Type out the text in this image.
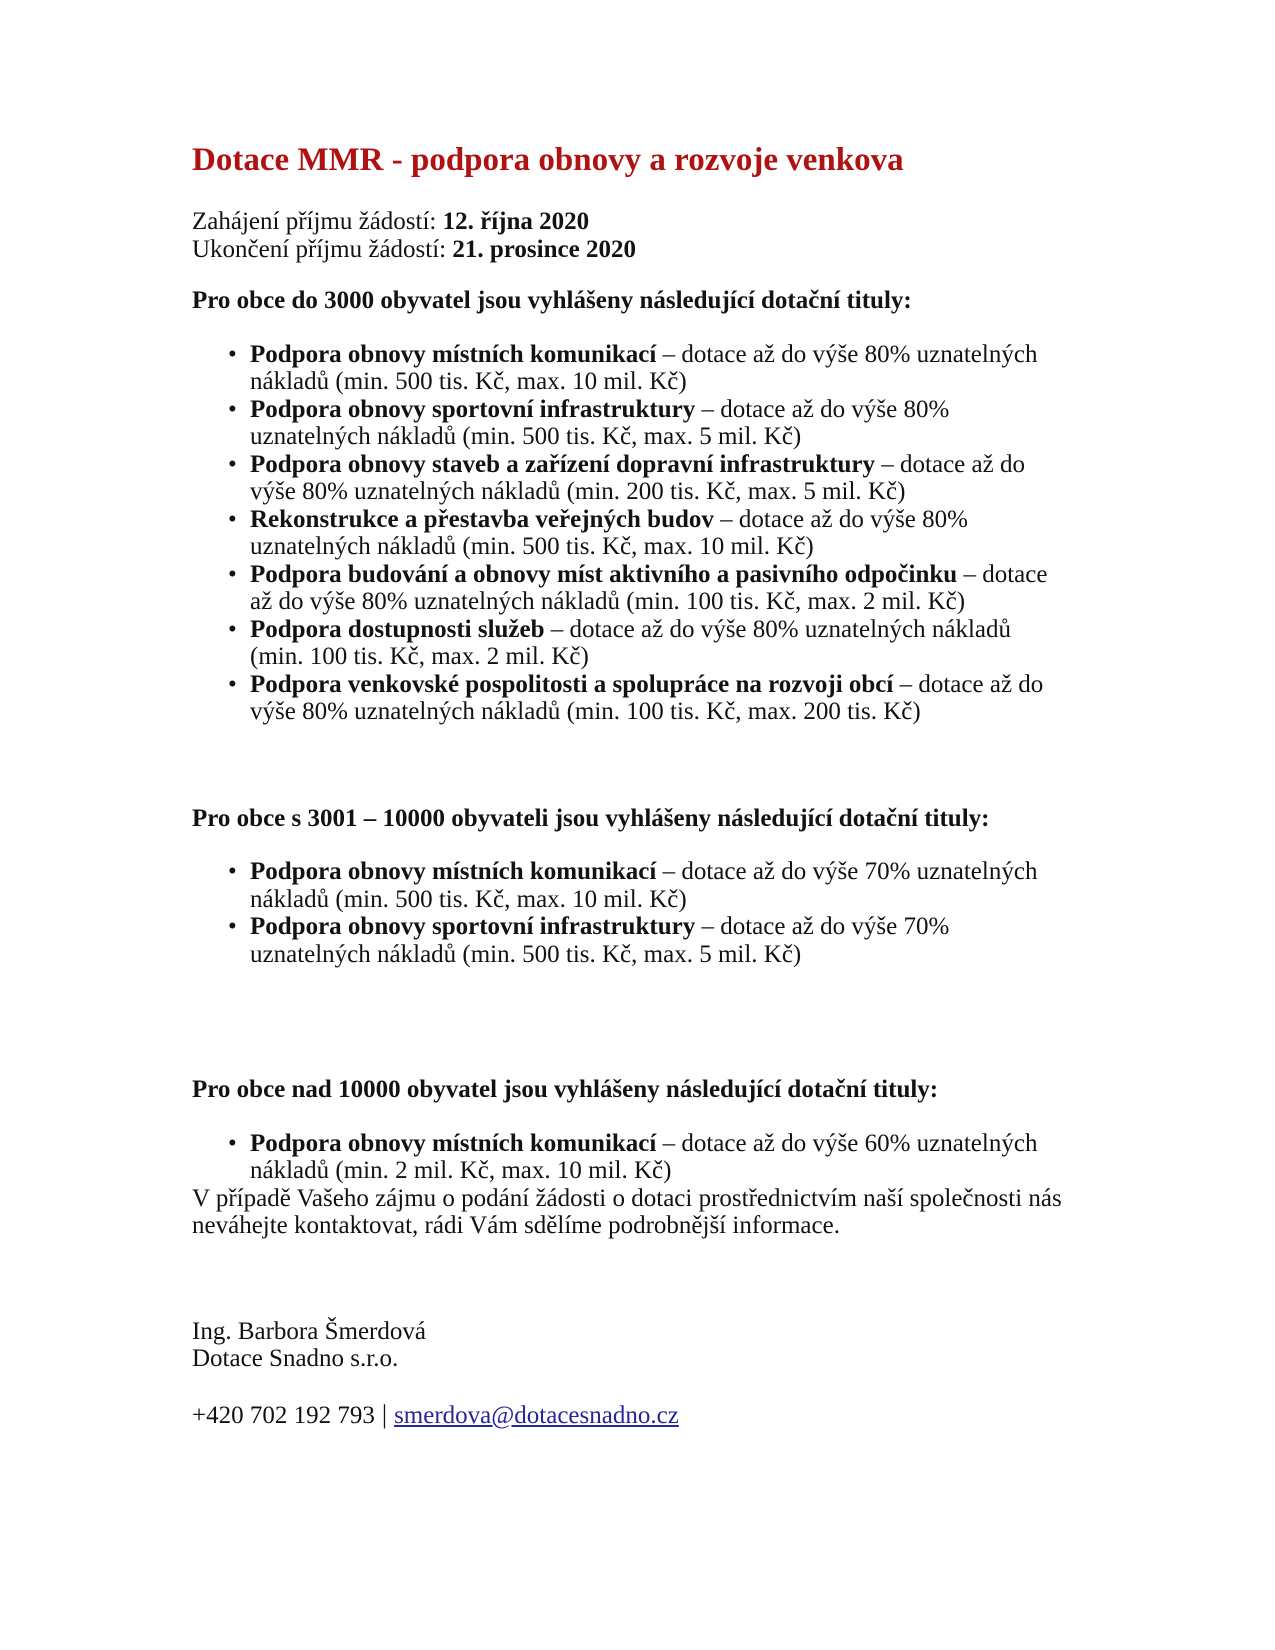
Dotace MMR - podpora obnovy a rozvoje venkova
Zahájení příjmu žádostí: 12. října 2020
Ukončení příjmu žádostí: 21. prosince 2020

Pro obce do 3000 obyvatel jsou vyhlášeny následující dotační tituly:

• Podpora obnovy místních komunikací – dotace až do výše 80% uznatelných nákladů (min. 500 tis. Kč, max. 10 mil. Kč)
• Podpora obnovy sportovní infrastruktury – dotace až do výše 80% uznatelných nákladů (min. 500 tis. Kč, max. 5 mil. Kč)
• Podpora obnovy staveb a zařízení dopravní infrastruktury – dotace až do výše 80% uznatelných nákladů (min. 200 tis. Kč, max. 5 mil. Kč)
• Rekonstrukce a přestavba veřejných budov – dotace až do výše 80% uznatelných nákladů (min. 500 tis. Kč, max. 10 mil. Kč)
• Podpora budování a obnovy míst aktivního a pasivního odpočinku – dotace až do výše 80% uznatelných nákladů (min. 100 tis. Kč, max. 2 mil. Kč)
• Podpora dostupnosti služeb – dotace až do výše 80% uznatelných nákladů (min. 100 tis. Kč, max. 2 mil. Kč)
• Podpora venkovské pospolitosti a spolupráce na rozvoji obcí – dotace až do výše 80% uznatelných nákladů (min. 100 tis. Kč, max. 200 tis. Kč)

Pro obce s 3001 – 10000 obyvateli jsou vyhlášeny následující dotační tituly:

• Podpora obnovy místních komunikací – dotace až do výše 70% uznatelných nákladů (min. 500 tis. Kč, max. 10 mil. Kč)
• Podpora obnovy sportovní infrastruktury – dotace až do výše 70% uznatelných nákladů (min. 500 tis. Kč, max. 5 mil. Kč)

Pro obce nad 10000 obyvatel jsou vyhlášeny následující dotační tituly:

• Podpora obnovy místních komunikací – dotace až do výše 60% uznatelných nákladů (min. 2 mil. Kč, max. 10 mil. Kč)

V případě Vašeho zájmu o podání žádosti o dotaci prostřednictvím naší společnosti nás neváhejte kontaktovat, rádi Vám sdělíme podrobnější informace.

Ing. Barbora Šmerdová
Dotace Snadno s.r.o.
+420 702 192 793 | smerdova@dotacesnadno.cz
